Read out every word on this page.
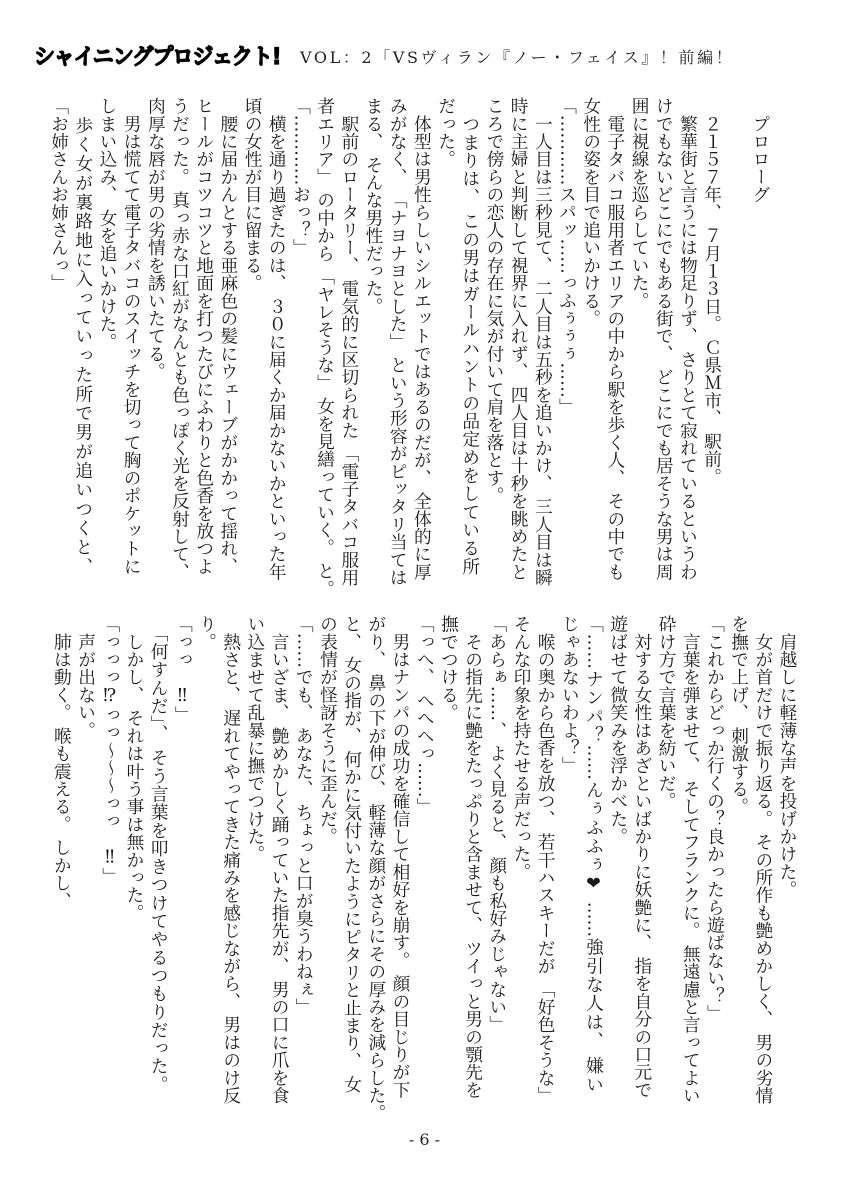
シャイニングプロジェクト! VOL：2「VSヴィラン『ノー・フェイス』！前編！
　プロローグ
　２１５７年、 ７月１３日。 Ｃ県Ｍ市、 駅前。
　繁華街と言うには物足りず、 さりとて寂れているというわ
けでもないどこにでもある街で、 どこにでも居そうな男は周
囲に視線を巡らしていた。
　電子タバコ服用者エリアの中から駅を歩く人、 その中でも
女性の姿を目で追いかける。
「…………スパッ……っふぅぅぅ……」
　一人目は三秒見て、 二人目は五秒を追いかけ、 三人目は瞬
時に主婦と判断して視界に入れず、 四人目は十秒を眺めたと
ころで傍らの恋人の存在に気が付いて肩を落とす。
　つまりは、 この男はガールハントの品定めをしている所
だった。
　体型は男性らしいシルエットではあるのだが、 全体的に厚
みがなく、 「ナヨナヨとした」 という形容がピッタリ当ては
まる、 そんな男性だった。
　駅前のロータリー、 電気的に区切られた 「電子タバコ服用
者エリア」 の中から 「ヤレそうな」 女を見繕っていく。 と。
「…………おっ？」
　横を通り過ぎたのは、 ３０に届くか届かないかといった年
頃の女性が目に留まる。
　腰に届かんとする亜麻色の髪にウェーブがかかって揺れ、
ヒールがコツコツと地面を打つたびにふわりと色香を放つよ
うだった。 真っ赤な口紅がなんとも色っぽく光を反射して、
肉厚な唇が男の劣情を誘いたてる。
　男は慌てて電子タバコのスイッチを切って胸のポケットに
しまい込み、 女を追いかけた。
　歩く女が裏路地に入っていった所で男が追いつくと、
「お姉さんお姉さんっ」
　肩越しに軽薄な声を投げかけた。
　女が首だけで振り返る。 その所作も艶めかしく、 男の劣情
を撫で上げ、 刺激する。
「これからどっか行くの？良かったら遊ばない？」
　言葉を弾ませて、 そしてフランクに。 無遠慮と言ってよい
砕け方で言葉を紡いだ。
　対する女性はあざといばかりに妖艶に、 指を自分の口元で
遊ばせて微笑みを浮かべた。
「……ナンパ？……んぅふふぅ❤ ……強引な人は、 嫌い
じゃあないわよ？」
　喉の奥から色香を放つ、 若干ハスキーだが 「好色そうな」
そんな印象を持たせる声だった。
「あらぁ……、 よく見ると、 顔も私好みじゃない」
　その指先に艶をたっぷりと含ませて、 ツイっと男の顎先を
撫でつける。
「っへ、 へへへっ……」
　男はナンパの成功を確信して相好を崩す。 顔の目じりが下
がり、 鼻の下が伸び、 軽薄な顔がさらにその厚みを減らした。
と、 女の指が、 何かに気付いたようにピタリと止まり、 女
の表情が怪訝そうに歪んだ。
「……でも、 あなた、 ちょっと口が臭うわねぇ」
　言いざま、 艶めかしく踊っていた指先が、 男の口に爪を食
い込ませて乱暴に撫でつけた。
　熱さと、 遅れてやってきた痛みを感じながら、 男はのけ反
り。
「っっ　‼」
　「何すんだ」、 そう言葉を叩きつけてやるつもりだった。
　しかし、 それは叶う事は無かった。
「っっっ⁉っっ〜〜〜っっ　‼」
　声が出ない。
　肺は動く。 喉も震える。 しかし、
- 6 -
